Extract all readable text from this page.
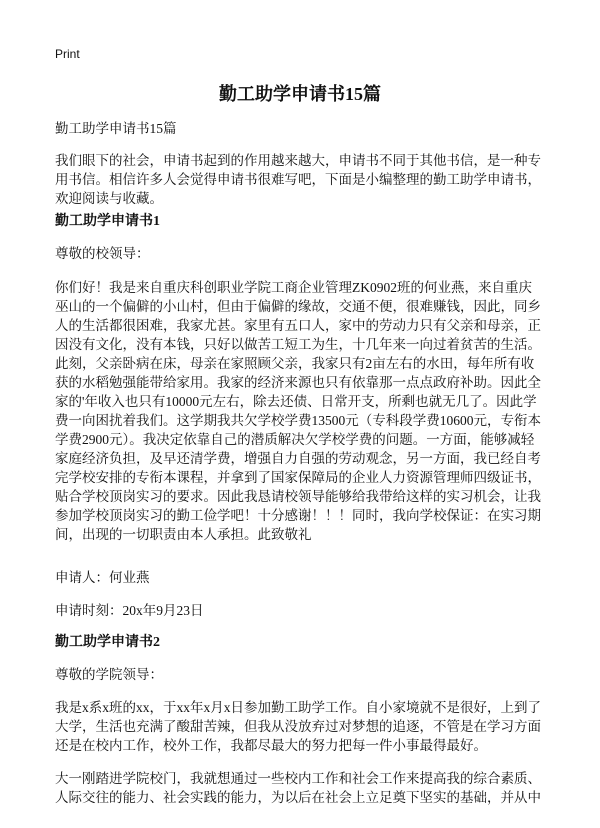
Print
勤工助学申请书15篇
勤工助学申请书15篇
我们眼下的社会，申请书起到的作用越来越大，申请书不同于其他书信，是一种专
用书信。相信许多人会觉得申请书很难写吧，下面是小编整理的勤工助学申请书，
欢迎阅读与收藏。
勤工助学申请书1
尊敬的校领导：
你们好！我是来自重庆科创职业学院工商企业管理ZK0902班的何业燕，来自重庆
巫山的一个偏僻的小山村，但由于偏僻的缘故，交通不便，很难赚钱，因此，同乡
人的生活都很困难，我家尤甚。家里有五口人，家中的劳动力只有父亲和母亲，正
因没有文化，没有本钱，只好以做苦工短工为生，十几年来一向过着贫苦的生活。
此刻，父亲卧病在床，母亲在家照顾父亲，我家只有2亩左右的水田，每年所有收
获的水稻勉强能带给家用。我家的经济来源也只有依靠那一点点政府补助。因此全
家的'年收入也只有10000元左右，除去还债、日常开支，所剩也就无几了。因此学
费一向困扰着我们。这学期我共欠学校学费13500元（专科段学费10600元，专衔本
学费2900元）。我决定依靠自己的潜质解决欠学校学费的问题。一方面，能够减轻
家庭经济负担，及早还清学费，增强自力自强的劳动观念，另一方面，我已经自考
完学校安排的专衔本课程，并拿到了国家保障局的企业人力资源管理师四级证书，
贴合学校顶岗实习的要求。因此我恳请校领导能够给我带给这样的实习机会，让我
参加学校顶岗实习的勤工俭学吧！十分感谢！！！同时，我向学校保证：在实习期
间，出现的一切职责由本人承担。此致敬礼
申请人：何业燕
申请时刻：20x年9月23日
勤工助学申请书2
尊敬的学院领导：
我是x系x班的xx，于xx年x月x日参加勤工助学工作。自小家境就不是很好，上到了
大学，生活也充满了酸甜苦辣，但我从没放弃过对梦想的追逐，不管是在学习方面
还是在校内工作，校外工作，我都尽最大的努力把每一件小事最得最好。
大一刚踏进学院校门，我就想通过一些校内工作和社会工作来提高我的综合素质、
人际交往的能力、社会实践的能力，为以后在社会上立足奠下坚实的基础，并从中
